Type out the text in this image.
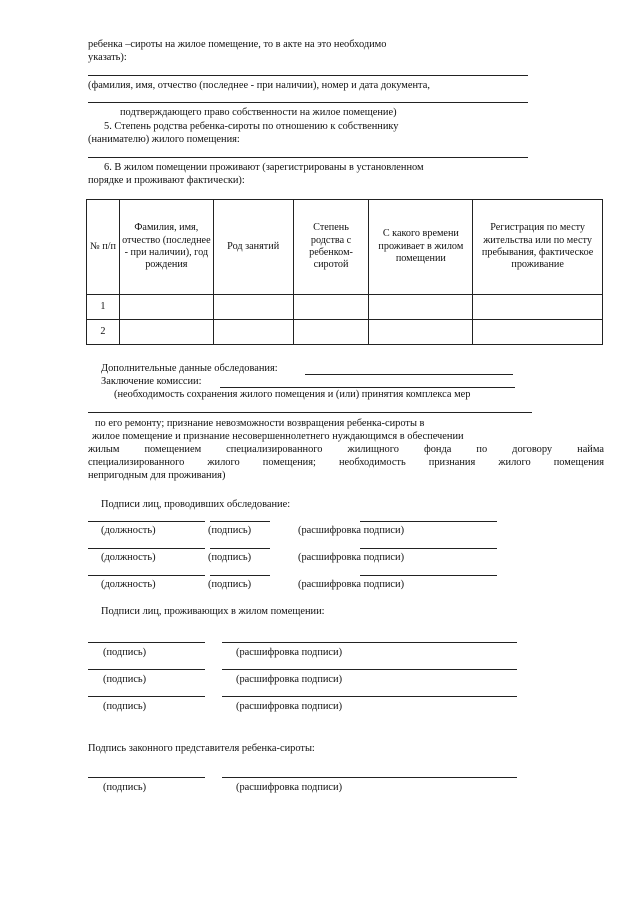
ребенка –сироты на жилое помещение, то в акте на это необходимо
указать):
(фамилия, имя, отчество (последнее - при наличии), номер и дата документа,
подтверждающего право собственности на жилое помещение)
5. Степень родства ребенка-сироты по отношению к собственнику
(нанимателю) жилого помещения:
6. В жилом помещении проживают (зарегистрированы в установленном
порядке и проживают фактически):
№ п/п	Фамилия, имя, отчество (последнее - при наличии), год рождения	Род занятий	Степень родства с ребенком-сиротой	С какого времени проживает в жилом помещении	Регистрация по месту жительства или по месту пребывания, фактическое проживание
1					
2					
Дополнительные данные обследования:
Заключение комиссии:
(необходимость сохранения жилого помещения и (или) принятия комплекса мер
по его ремонту; признание невозможности возвращения ребенка-сироты в
жилое помещение и признание несовершеннолетнего нуждающимся в обеспечении
жилым помещением специализированного жилищного фонда по договору найма
специализированного жилого помещения; необходимость признания жилого помещения
непригодным для проживания)
Подписи лиц, проводивших обследование:
(должность)	(подпись)	(расшифровка подписи)
(должность)	(подпись)	(расшифровка подписи)
(должность)	(подпись)	(расшифровка подписи)
Подписи лиц, проживающих в жилом помещении:
(подпись)	(расшифровка подписи)
(подпись)	(расшифровка подписи)
(подпись)	(расшифровка подписи)
Подпись законного представителя ребенка-сироты:
(подпись)	(расшифровка подписи)
